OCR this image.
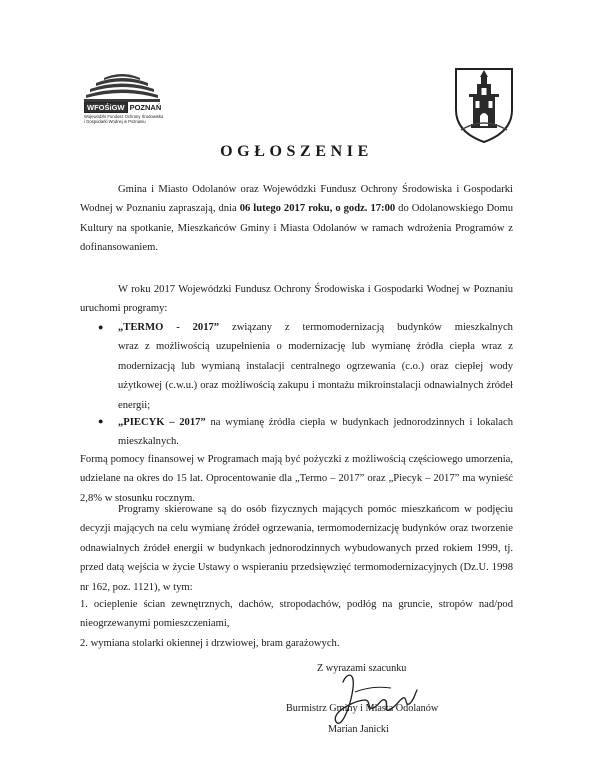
WFOŚiGW POZNAŃ
Wojewódzki Fundusz Ochrony Środowiska
i Gospodarki Wodnej w Poznaniu
OGŁOSZENIE
Gmina i Miasto Odolanów oraz Wojewódzki Fundusz Ochrony Środowiska i Gospodarki
Wodnej w Poznaniu zapraszają, dnia 06 lutego 2017 roku, o godz. 17:00 do Odolanowskiego Domu
Kultury na spotkanie, Mieszkańców Gminy i Miasta Odolanów w ramach wdrożenia Programów z
dofinansowaniem.
W roku 2017 Wojewódzki Fundusz Ochrony Środowiska i Gospodarki Wodnej w Poznaniu
uruchomi programy:
● „TERMO - 2017” związany z termomodernizacją budynków mieszkalnych
wraz z możliwością uzupełnienia o modernizację lub wymianę źródła ciepła wraz z
modernizacją lub wymianą instalacji centralnego ogrzewania (c.o.) oraz ciepłej wody
użytkowej (c.w.u.) oraz możliwością zakupu i montażu mikroinstalacji odnawialnych źródeł
energii;
● „PIECYK – 2017” na wymianę źródła ciepła w budynkach jednorodzinnych i lokalach
mieszkalnych.
Formą pomocy finansowej w Programach mają być pożyczki z możliwością częściowego umorzenia,
udzielane na okres do 15 lat. Oprocentowanie dla „Termo – 2017” oraz „Piecyk – 2017” ma wynieść
2,8% w stosunku rocznym.
Programy skierowane są do osób fizycznych mających pomóc mieszkańcom w podjęciu
decyzji mających na celu wymianę źródeł ogrzewania, termomodernizację budynków oraz tworzenie
odnawialnych źródeł energii w budynkach jednorodzinnych wybudowanych przed rokiem 1999, tj.
przed datą wejścia w życie Ustawy o wspieraniu przedsięwzięć termomodernizacyjnych (Dz.U. 1998
nr 162, poz. 1121), w tym:
1. ocieplenie ścian zewnętrznych, dachów, stropodachów, podłóg na gruncie, stropów nad/pod
nieogrzewanymi pomieszczeniami,
2. wymiana stolarki okiennej i drzwiowej, bram garażowych.
Z wyrazami szacunku
Burmistrz Gminy i Miasta Odolanów
Marian Janicki
